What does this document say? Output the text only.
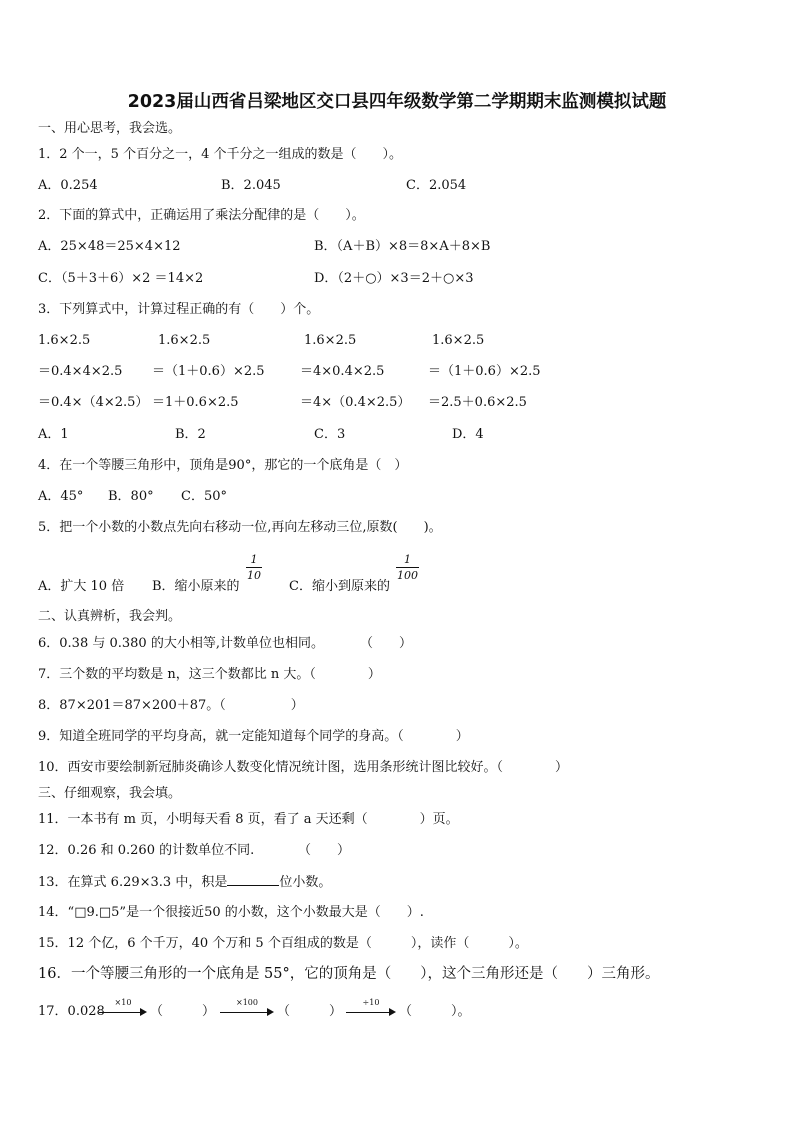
2023届山西省吕梁地区交口县四年级数学第二学期期末监测模拟试题
一、用心思考，我会选。
1．2 个一，5 个百分之一，4 个千分之一组成的数是（　　）。
A．0.254	B．2.045	C．2.054
2．下面的算式中，正确运用了乘法分配律的是（　　）。
A．25×48＝25×4×12	B．（A＋B）×8＝8×A＋8×B
C．（5＋3＋6）×2 ＝14×2	D．（2＋○）×3＝2＋○×3
3．下列算式中，计算过程正确的有（　　）个。
1.6×2.5	1.6×2.5	1.6×2.5	1.6×2.5
＝0.4×4×2.5 ＝（1＋0.6）×2.5	＝4×0.4×2.5	＝（1＋0.6）×2.5
＝0.4×（4×2.5） ＝1＋0.6×2.5	＝4×（0.4×2.5） ＝2.5＋0.6×2.5
A．1	B．2	C．3	D．4
4．在一个等腰三角形中，顶角是90°，那它的一个底角是（　）
A．45° B．80° C．50°
5．把一个小数的小数点先向右移动一位,再向左移动三位,原数(　　)。
A．扩大 10 倍 B．缩小原来的
1
10
C．缩小到原来的
1
100
二、认真辨析，我会判。
6．0.38 与 0.380 的大小相等,计数单位也相同。	（　　）
7．三个数的平均数是 n，这三个数都比 n 大。（　　　　）
8．87×201＝87×200＋87。（　　　　　）
9．知道全班同学的平均身高，就一定能知道每个同学的身高。（　　　　）
10．西安市要绘制新冠肺炎确诊人数变化情况统计图，选用条形统计图比较好。（　　　　）
三、仔细观察，我会填。
11．一本书有 m 页，小明每天看 8 页，看了 a 天还剩（　　　　）页。
12．0.26 和 0.260 的计数单位不同.	（　　）
13．在算式 6.29×3.3 中，积是	位小数。
14．“□9.□5”是一个很接近50 的小数，这个小数最大是（　　）.
15．12 个亿，6 个千万，40 个万和 5 个百组成的数是（　　　），读作（　　　）。
16．一个等腰三角形的一个底角是 55°，它的顶角是（　　），这个三角形还是（　　）三角形。
17．0.028
×10
（　　　）
×100
（　　　）
÷10
（　　　）。
